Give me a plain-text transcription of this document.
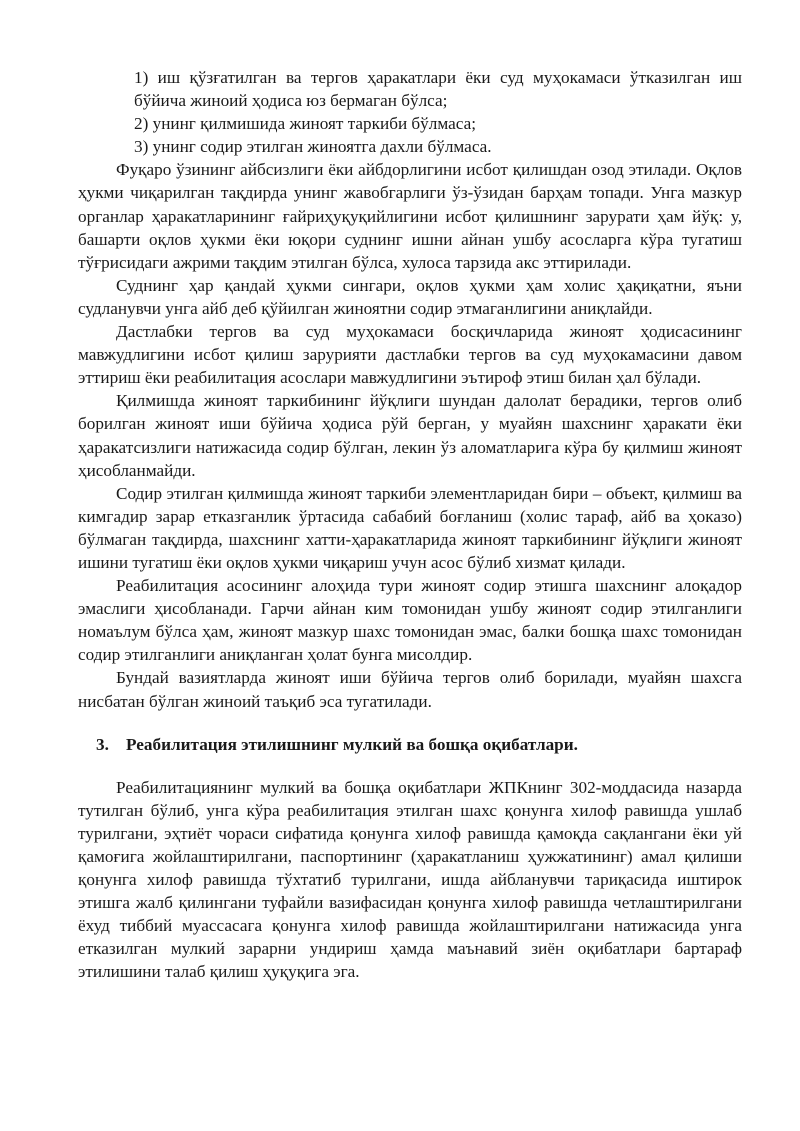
1) иш қўзғатилган ва тергов ҳаракатлари ёки суд муҳокамаси ўтказилган иш бўйича жиноий ҳодиса юз бермаган бўлса;

2) унинг қилмишида жиноят таркиби бўлмаса;

3) унинг содир этилган жиноятга дахли бўлмаса.

Фуқаро ўзининг айбсизлиги ёки айбдорлигини исбот қилишдан озод этилади. Оқлов ҳукми чиқарилган тақдирда унинг жавобгарлиги ўз-ўзидан барҳам топади. Унга мазкур органлар ҳаракатларининг ғайриҳуқуқийлигини исбот қилишнинг зарурати ҳам йўқ: у, башарти оқлов ҳукми ёки юқори суднинг ишни айнан ушбу асосларга кўра тугатиш тўғрисидаги ажрими тақдим этилган бўлса, хулоса тарзида акс эттирилади.

Суднинг ҳар қандай ҳукми сингари, оқлов ҳукми ҳам холис ҳақиқатни, яъни судланувчи унга айб деб қўйилган жиноятни содир этмаганлигини аниқлайди.

Дастлабки тергов ва суд муҳокамаси босқичларида жиноят ҳодисасининг мавжудлигини исбот қилиш зарурияти дастлабки тергов ва суд муҳокамасини давом эттириш ёки реабилитация асослари мавжудлигини эътироф этиш билан ҳал бўлади.

Қилмишда жиноят таркибининг йўқлиги шундан далолат берадики, тергов олиб борилган жиноят иши бўйича ҳодиса рўй берган, у муайян шахснинг ҳаракати ёки ҳаракатсизлиги натижасида содир бўлган, лекин ўз аломатларига кўра бу қилмиш жиноят ҳисобланмайди.

Содир этилган қилмишда жиноят таркиби элементларидан бири – объект, қилмиш ва кимгадир зарар етказганлик ўртасида сабабий боғланиш (холис тараф, айб ва ҳоказо) бўлмаган тақдирда, шахснинг хатти-ҳаракатларида жиноят таркибининг йўқлиги жиноят ишини тугатиш ёки оқлов ҳукми чиқариш учун асос бўлиб хизмат қилади.

Реабилитация асосининг алоҳида тури жиноят содир этишга шахснинг алоқадор эмаслиги ҳисобланади. Гарчи айнан ким томонидан ушбу жиноят содир этилганлиги номаълум бўлса ҳам, жиноят мазкур шахс томонидан эмас, балки бошқа шахс томонидан содир этилганлиги аниқланган ҳолат бунга мисолдир.

Бундай вазиятларда жиноят иши бўйича тергов олиб борилади, муайян шахсга нисбатан бўлган жиноий таъқиб эса тугатилади.

3. Реабилитация этилишнинг мулкий ва бошқа оқибатлари.

Реабилитациянинг мулкий ва бошқа оқибатлари ЖПКнинг 302-моддасида назарда тутилган бўлиб, унга кўра реабилитация этилган шахс қонунга хилоф равишда ушлаб турилгани, эҳтиёт чораси сифатида қонунга хилоф равишда қамоқда сақлангани ёки уй қамоғига жойлаштирилгани, паспортининг (ҳаракатланиш ҳужжатининг) амал қилиши қонунга хилоф равишда тўхтатиб турилгани, ишда айбланувчи тариқасида иштирок этишга жалб қилингани туфайли вазифасидан қонунга хилоф равишда четлаштирилгани ёхуд тиббий муассасага қонунга хилоф равишда жойлаштирилгани натижасида унга етказилган мулкий зарарни ундириш ҳамда маънавий зиён оқибатлари бартараф этилишини талаб қилиш ҳуқуқига эга.
